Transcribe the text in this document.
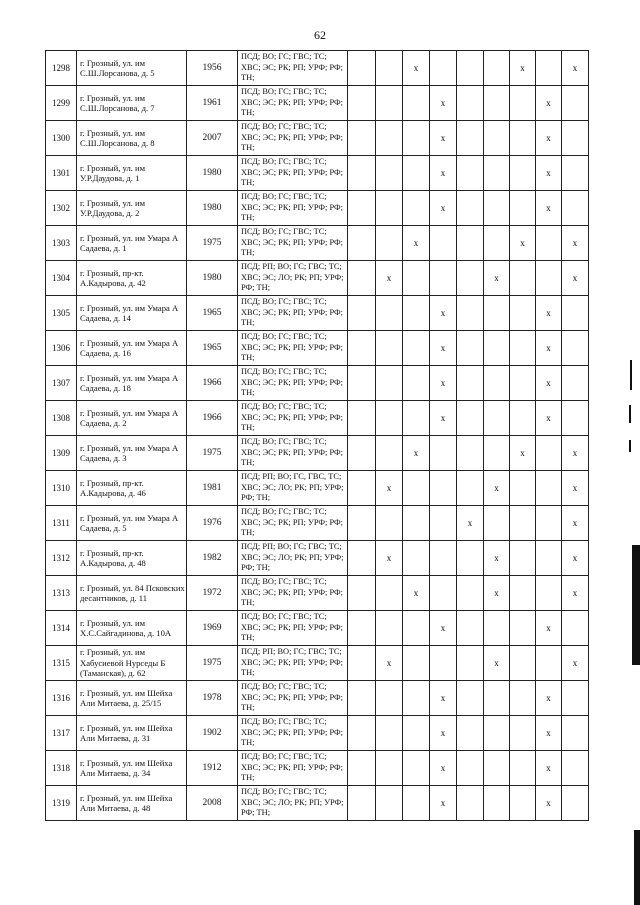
62
1298	г. Грозный, ул. им С.Ш.Лорсанова, д. 5	1956	ПСД; ВО; ГС; ГВС; ТС; ХВС; ЭС; РК; РП; УРФ; РФ; ТН;			x				x		x
1299	г. Грозный, ул. им С.Ш.Лорсанова, д. 7	1961	ПСД; ВО; ГС; ГВС; ТС; ХВС; ЭС; РК; РП; УРФ; РФ; ТН;				x				x	
1300	г. Грозный, ул. им С.Ш.Лорсанова, д. 8	2007	ПСД; ВО; ГС; ГВС; ТС; ХВС; ЭС; РК; РП; УРФ; РФ; ТН;				x				x	
1301	г. Грозный, ул. им У.Р.Даудова, д. 1	1980	ПСД; ВО; ГС; ГВС; ТС; ХВС; ЭС; РК; РП; УРФ; РФ; ТН;				x				x	
1302	г. Грозный, ул. им У.Р.Даудова, д. 2	1980	ПСД; ВО; ГС; ГВС; ТС; ХВС; ЭС; РК; РП; УРФ; РФ; ТН;				x				x	
1303	г. Грозный, ул. им Умара А Садаева, д. 1	1975	ПСД; ВО; ГС; ГВС; ТС; ХВС; ЭС; РК; РП; УРФ; РФ; ТН;			x				x		x
1304	г. Грозный, пр-кт. А.Кадырова, д. 42	1980	ПСД; РП; ВО; ГС; ГВС; ТС; ХВС; ЭС; ЛО; РК; РП; УРФ; РФ; ТН;		x				x			x
1305	г. Грозный, ул. им Умара А Садаева, д. 14	1965	ПСД; ВО; ГС; ГВС; ТС; ХВС; ЭС; РК; РП; УРФ; РФ; ТН;				x				x	
1306	г. Грозный, ул. им Умара А Садаева, д. 16	1965	ПСД; ВО; ГС; ГВС; ТС; ХВС; ЭС; РК; РП; УРФ; РФ; ТН;				x				x	
1307	г. Грозный, ул. им Умара А Садаева, д. 18	1966	ПСД; ВО; ГС; ГВС; ТС; ХВС; ЭС; РК; РП; УРФ; РФ; ТН;				x				x	
1308	г. Грозный, ул. им Умара А Садаева, д. 2	1966	ПСД; ВО; ГС; ГВС; ТС; ХВС; ЭС; РК; РП; УРФ; РФ; ТН;				x				x	
1309	г. Грозный, ул. им Умара А Садаева, д. 3	1975	ПСД; ВО; ГС; ГВС; ТС; ХВС; ЭС; РК; РП; УРФ; РФ; ТН;			x				x		x
1310	г. Грозный, пр-кт. А.Кадырова, д. 46	1981	ПСД; РП; ВО; ГС, ГВС, ТС; ХВС; ЭС; ЛО; РК; РП; УРФ; РФ; ТН;		x				x			x
1311	г. Грозный, ул. им Умара А Садаева, д. 5	1976	ПСД; ВО; ГС; ГВС; ТС; ХВС; ЭС; РК; РП; УРФ; РФ; ТН;					x				x
1312	г. Грозный, пр-кт. А.Кадырова, д. 48	1982	ПСД; РП; ВО; ГС; ГВС; ТС; ХВС; ЭС; ЛО; РК; РП; УРФ; РФ; ТН;		x				x			x
1313	г. Грозный, ул. 84 Псковских десантников, д. 11	1972	ПСД; ВО; ГС; ГВС; ТС; ХВС; ЭС; РК; РП; УРФ; РФ; ТН;			x			x			x
1314	г. Грозный, ул. им Х.С.Сайгадинова, д. 10А	1969	ПСД; ВО; ГС; ГВС; ТС; ХВС; ЭС; РК; РП; УРФ; РФ; ТН;				x				x	
1315	г. Грозный, ул. им Хабусиевой Нурседы Б (Таманская), д. 62	1975	ПСД; РП; ВО; ГС; ГВС; ТС; ХВС; ЭС; РК; РП; УРФ; РФ; ТН;		x				x			x
1316	г. Грозный, ул. им Шейха Али Митаева, д. 25/15	1978	ПСД; ВО; ГС; ГВС; ТС; ХВС; ЭС; РК; РП; УРФ; РФ; ТН;				x				x	
1317	г. Грозный, ул. им Шейха Али Митаева, д. 31	1902	ПСД; ВО; ГС; ГВС; ТС; ХВС; ЭС; РК; РП; УРФ; РФ; ТН;				x				x	
1318	г. Грозный, ул. им Шейха Али Митаева, д. 34	1912	ПСД; ВО; ГС; ГВС; ТС; ХВС; ЭС; РК; РП; УРФ; РФ; ТН;				x				x	
1319	г. Грозный, ул. им Шейха Али Митаева, д. 48	2008	ПСД; ВО; ГС; ГВС; ТС; ХВС; ЭС; ЛО; РК; РП; УРФ; РФ; ТН;				x				x	
